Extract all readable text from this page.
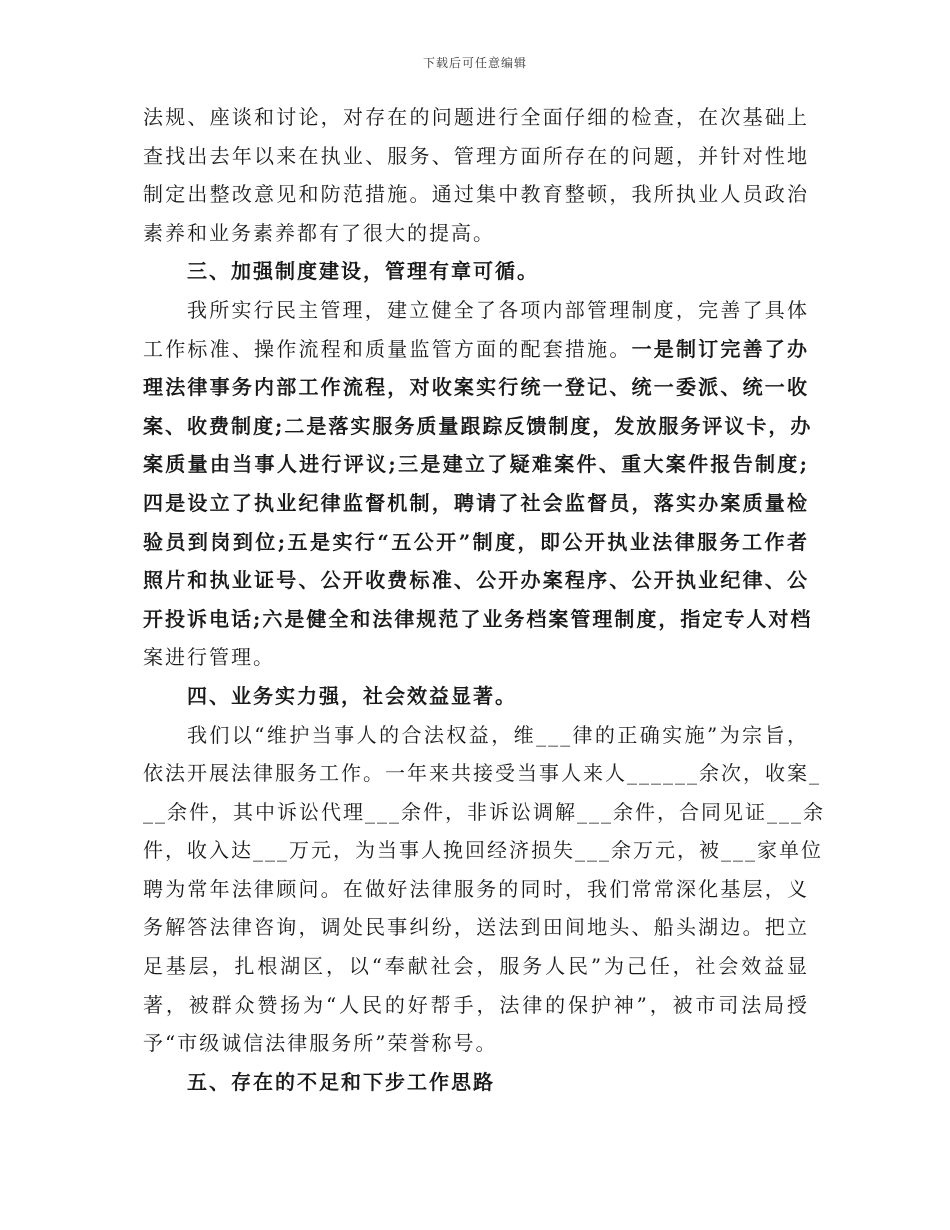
下载后可任意编辑
法规、座谈和讨论，对存在的问题进行全面仔细的检查，在次基础上
查找出去年以来在执业、服务、管理方面所存在的问题，并针对性地
制定出整改意见和防范措施。通过集中教育整顿，我所执业人员政治
素养和业务素养都有了很大的提高。
三、加强制度建设，管理有章可循。
我所实行民主管理，建立健全了各项内部管理制度，完善了具体
工作标准、操作流程和质量监管方面的配套措施。一是制订完善了办
理法律事务内部工作流程，对收案实行统一登记、统一委派、统一收
案、收费制度;二是落实服务质量跟踪反馈制度，发放服务评议卡，办
案质量由当事人进行评议;三是建立了疑难案件、重大案件报告制度;
四是设立了执业纪律监督机制，聘请了社会监督员，落实办案质量检
验员到岗到位;五是实行“五公开”制度，即公开执业法律服务工作者
照片和执业证号、公开收费标准、公开办案程序、公开执业纪律、公
开投诉电话;六是健全和法律规范了业务档案管理制度，指定专人对档
案进行管理。
四、业务实力强，社会效益显著。
我们以“维护当事人的合法权益，维___律的正确实施”为宗旨，
依法开展法律服务工作。一年来共接受当事人来人______余次，收案_
__余件，其中诉讼代理___余件，非诉讼调解___余件，合同见证___余
件，收入达___万元，为当事人挽回经济损失___余万元，被___家单位
聘为常年法律顾问。在做好法律服务的同时，我们常常深化基层，义
务解答法律咨询，调处民事纠纷，送法到田间地头、船头湖边。把立
足基层，扎根湖区，以“奉献社会，服务人民”为己任，社会效益显
著，被群众赞扬为“人民的好帮手，法律的保护神”，被市司法局授
予“市级诚信法律服务所”荣誉称号。
五、存在的不足和下步工作思路
